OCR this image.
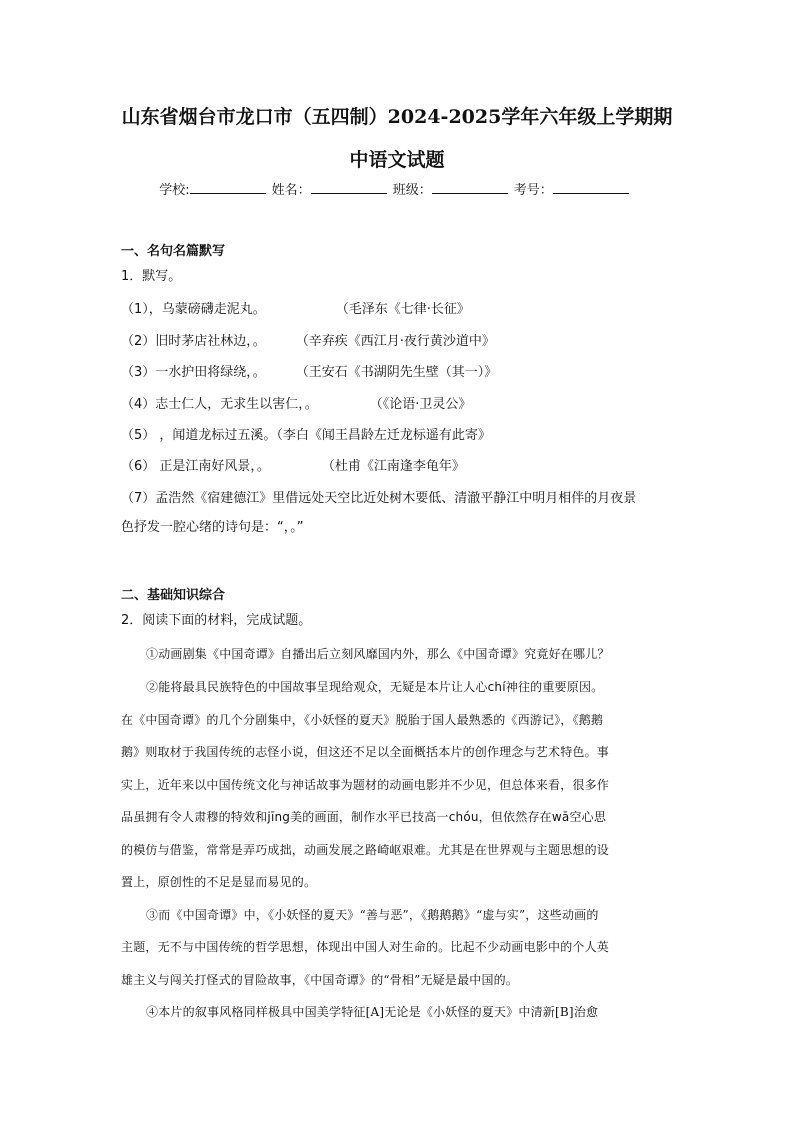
山东省烟台市龙口市（五四制）2024-2025学年六年级上学期期
中语文试题
学校:	姓名：	班级：	考号：
一、名句名篇默写
1．默写。
（1），乌蒙磅礴走泥丸。	（毛泽东《七律·长征》
（2）旧时茅店社林边，。 （辛弃疾《西江月·夜行黄沙道中》
（3）一水护田将绿绕，。 （王安石《书湖阴先生壁（其一）》
（4）志士仁人，无求生以害仁，。	（《论语·卫灵公》
（5） ，闻道龙标过五溪。（李白《闻王昌龄左迁龙标遥有此寄》
（6） 正是江南好风景，。	（杜甫《江南逢李龟年》
（7）孟浩然《宿建德江》里借远处天空比近处树木要低、清澈平静江中明月相伴的月夜景
色抒发一腔心绪的诗句是：“，。”
二、基础知识综合
2．阅读下面的材料，完成试题。
①动画剧集《中国奇谭》自播出后立刻风靡国内外，那么《中国奇谭》究竟好在哪儿？
②能将最具民族特色的中国故事呈现给观众，无疑是本片让人心chí神往的重要原因。
在《中国奇谭》的几个分剧集中，《小妖怪的夏天》脱胎于国人最熟悉的《西游记》，《鹅鹅
鹅》则取材于我国传统的志怪小说，但这还不足以全面概括本片的创作理念与艺术特色。事
实上，近年来以中国传统文化与神话故事为题材的动画电影并不少见，但总体来看，很多作
品虽拥有令人肃穆的特效和jīng美的画面，制作水平已技高一chóu，但依然存在wā空心思
的模仿与借鉴，常常是弄巧成拙，动画发展之路崎岖艰难。尤其是在世界观与主题思想的设
置上，原创性的不足是显而易见的。
③而《中国奇谭》中，《小妖怪的夏天》“善与恶”，《鹅鹅鹅》“虚与实”，这些动画的
主题，无不与中国传统的哲学思想，体现出中国人对生命的。比起不少动画电影中的个人英
雄主义与闯关打怪式的冒险故事，《中国奇谭》的“骨相”无疑是最中国的。
④本片的叙事风格同样极具中国美学特征[A]无论是《小妖怪的夏天》中清新[B]治愈
